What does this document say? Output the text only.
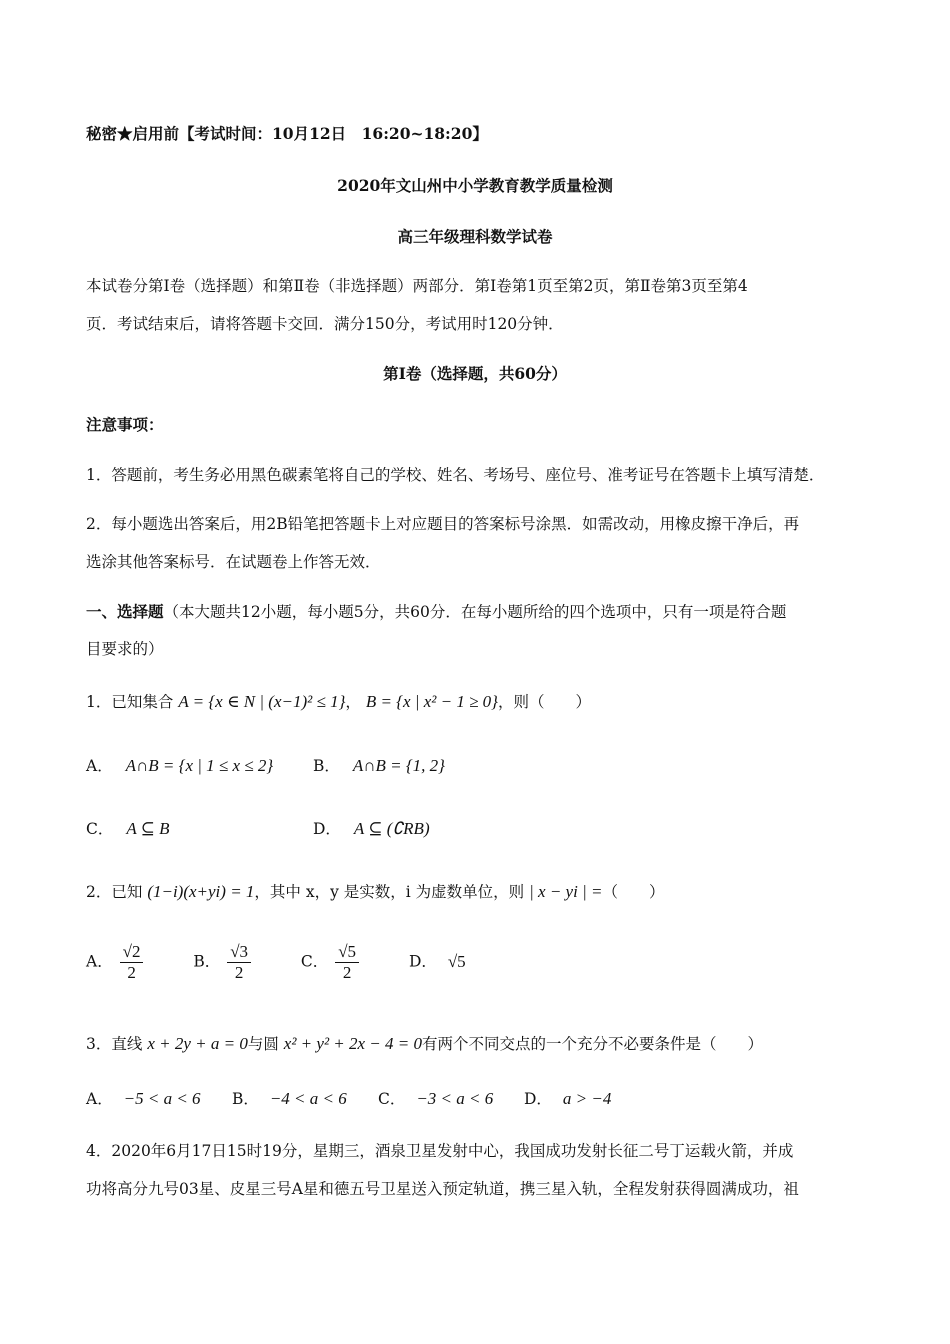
秘密★启用前【考试时间：10月12日　16:20~18:20】
2020年文山州中小学教育教学质量检测
高三年级理科数学试卷
本试卷分第Ⅰ卷（选择题）和第Ⅱ卷（非选择题）两部分．第Ⅰ卷第1页至第2页，第Ⅱ卷第3页至第4
页．考试结束后，请将答题卡交回．满分150分，考试用时120分钟．
第Ⅰ卷（选择题，共60分）
注意事项：
1．答题前，考生务必用黑色碳素笔将自己的学校、姓名、考场号、座位号、准考证号在答题卡上填写清楚．
2．每小题选出答案后，用2B铅笔把答题卡上对应题目的答案标号涂黑．如需改动，用橡皮擦干净后，再
选涂其他答案标号．在试题卷上作答无效．
一、选择题（本大题共12小题，每小题5分，共60分．在每小题所给的四个选项中，只有一项是符合题
目要求的）
1．已知集合 A = {x ∈ N | (x−1)² ≤ 1}， B = {x | x² − 1 ≥ 0}，则（　　）
A． A∩B = {x | 1 ≤ x ≤ 2}	B． A∩B = {1, 2}
C． A ⊆ B	D． A ⊆ (∁RB)
2．已知 (1−i)(x+yi) = 1，其中 x，y 是实数，i 为虚数单位，则 | x − yi | =（　　）
A． $\frac{√2}{2}$	B． $\frac{√3}{2}$	C． $\frac{√5}{2}$	D． √5
3．直线 x + 2y + a = 0与圆 x² + y² + 2x − 4 = 0有两个不同交点的一个充分不必要条件是（　　）
A． −5 < a < 6 B． −4 < a < 6 C． −3 < a < 6 D． a > −4
4．2020年6月17日15时19分，星期三，酒泉卫星发射中心，我国成功发射长征二号丁运载火箭，并成
功将高分九号03星、皮星三号A星和德五号卫星送入预定轨道，携三星入轨，全程发射获得圆满成功，祖
